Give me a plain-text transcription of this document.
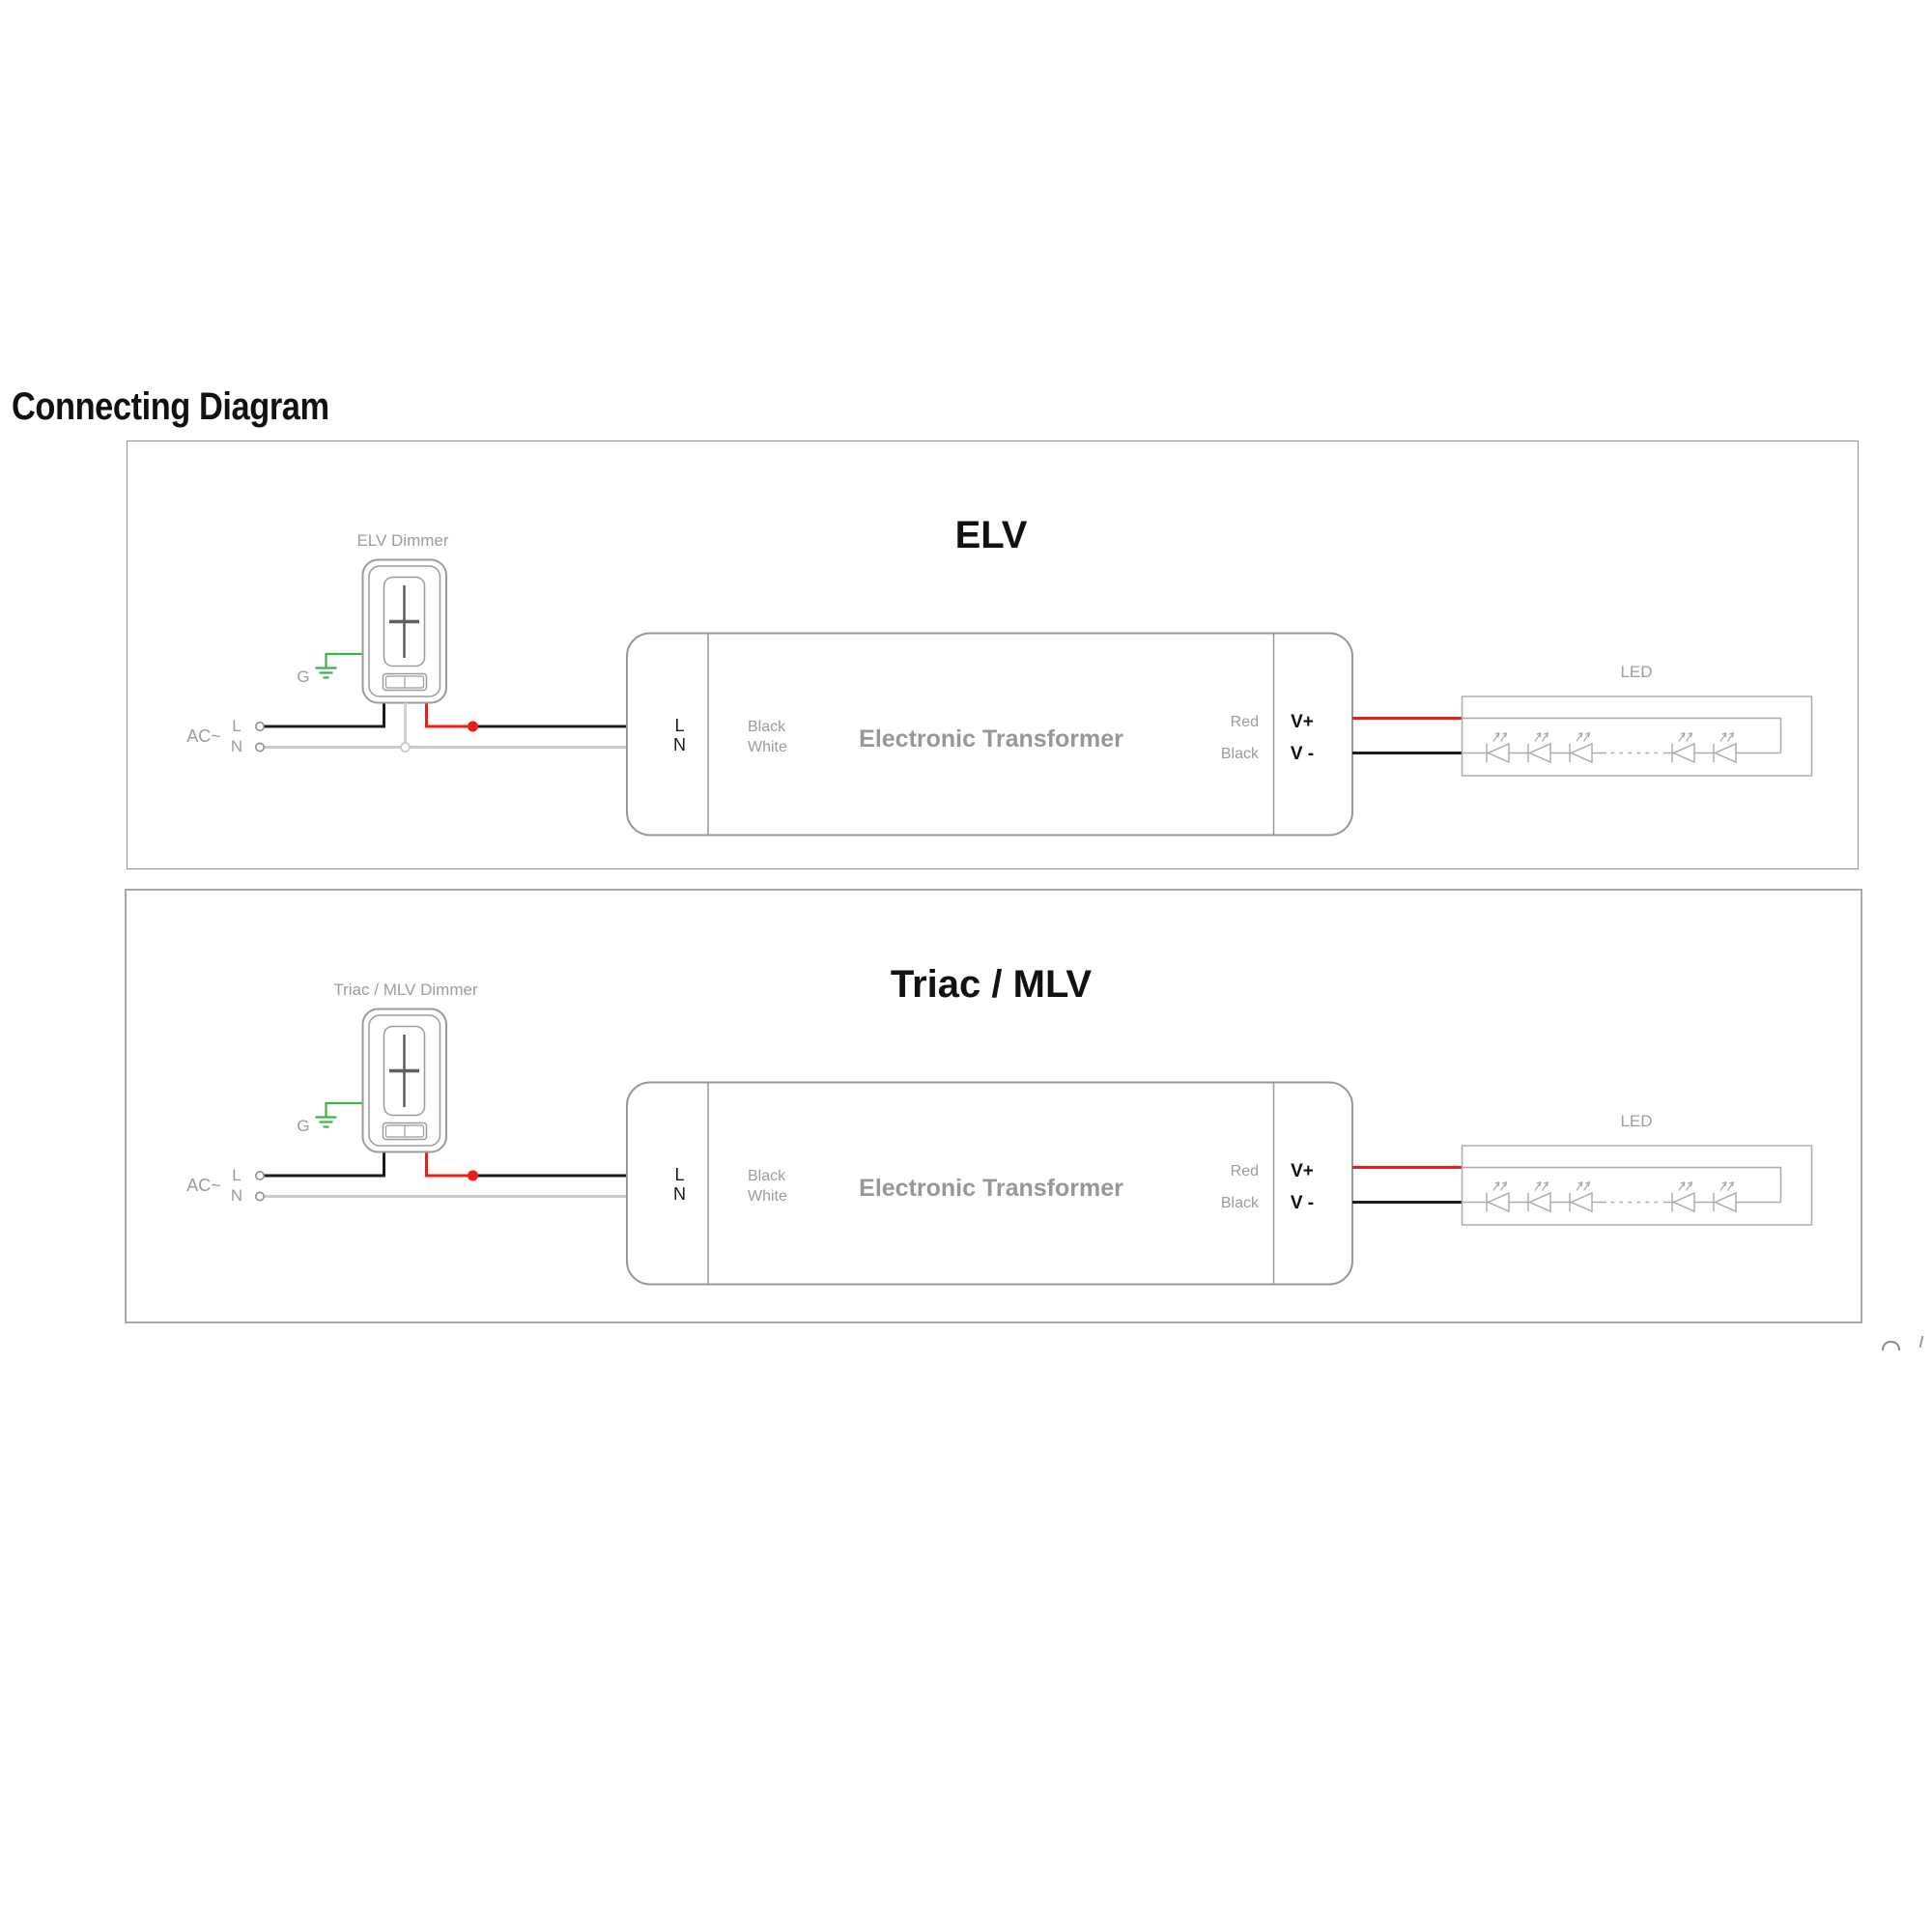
Connecting Diagram
ELV
ELV Dimmer
G
AC~
L
N
L
N
Black
White	Electronic Transformer
Red
Black
V+
V -
LED
Triac / MLV
Triac / MLV Dimmer
G
AC~
L
N
L
N
Black
White	Electronic Transformer
Red
Black
V+
V -
LED
